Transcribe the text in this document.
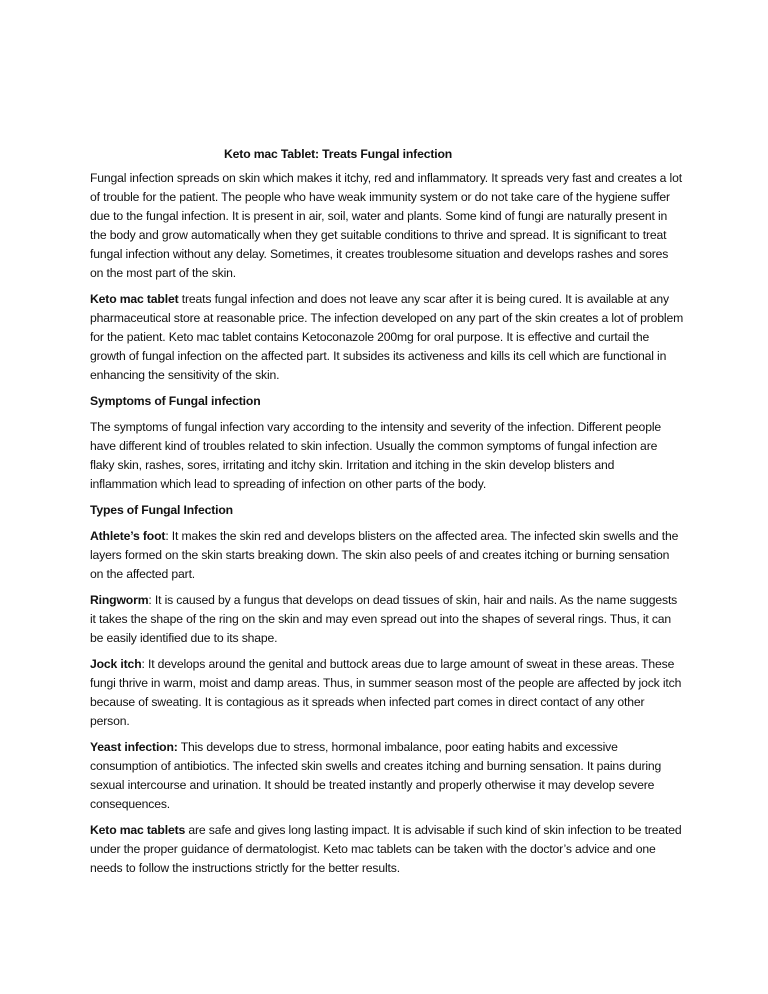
Keto mac Tablet: Treats Fungal infection

Fungal infection spreads on skin which makes it itchy, red and inflammatory. It spreads very fast and creates a lot of trouble for the patient. The people who have weak immunity system or do not take care of the hygiene suffer due to the fungal infection. It is present in air, soil, water and plants. Some kind of fungi are naturally present in the body and grow automatically when they get suitable conditions to thrive and spread. It is significant to treat fungal infection without any delay. Sometimes, it creates troublesome situation and develops rashes and sores on the most part of the skin.

Keto mac tablet treats fungal infection and does not leave any scar after it is being cured. It is available at any pharmaceutical store at reasonable price. The infection developed on any part of the skin creates a lot of problem for the patient. Keto mac tablet contains Ketoconazole 200mg for oral purpose. It is effective and curtail the growth of fungal infection on the affected part. It subsides its activeness and kills its cell which are functional in enhancing the sensitivity of the skin.

Symptoms of Fungal infection

The symptoms of fungal infection vary according to the intensity and severity of the infection. Different people have different kind of troubles related to skin infection. Usually the common symptoms of fungal infection are flaky skin, rashes, sores, irritating and itchy skin. Irritation and itching in the skin develop blisters and inflammation which lead to spreading of infection on other parts of the body.

Types of Fungal Infection

Athlete’s foot: It makes the skin red and develops blisters on the affected area. The infected skin swells and the layers formed on the skin starts breaking down. The skin also peels of and creates itching or burning sensation on the affected part.

Ringworm: It is caused by a fungus that develops on dead tissues of skin, hair and nails. As the name suggests it takes the shape of the ring on the skin and may even spread out into the shapes of several rings. Thus, it can be easily identified due to its shape.

Jock itch: It develops around the genital and buttock areas due to large amount of sweat in these areas. These fungi thrive in warm, moist and damp areas. Thus, in summer season most of the people are affected by jock itch because of sweating. It is contagious as it spreads when infected part comes in direct contact of any other person.

Yeast infection: This develops due to stress, hormonal imbalance, poor eating habits and excessive consumption of antibiotics. The infected skin swells and creates itching and burning sensation. It pains during sexual intercourse and urination. It should be treated instantly and properly otherwise it may develop severe consequences.

Keto mac tablets are safe and gives long lasting impact. It is advisable if such kind of skin infection to be treated under the proper guidance of dermatologist. Keto mac tablets can be taken with the doctor’s advice and one needs to follow the instructions strictly for the better results.
